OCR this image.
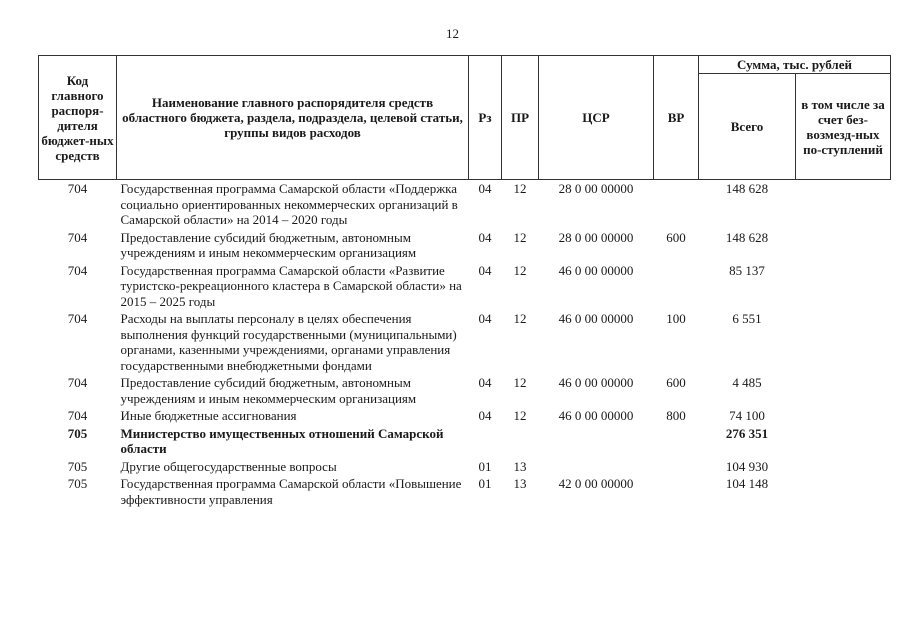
12
Код главного распоря-дителя бюджет-ных средств	Наименование главного распорядителя средств областного бюджета, раздела, подраздела, целевой статьи, группы видов расходов	Рз	ПР	ЦСР	ВР	Сумма, тыс. рублей	
						Всего	в том числе за счет без-возмезд-ных по-ступлений
704	Государственная программа Самарской области «Поддержка социально ориентированных некоммерческих организаций в Самарской области» на 2014 – 2020 годы	04	12	28 0 00 00000		148 628	
704	Предоставление субсидий бюджетным, автономным учреждениям и иным некоммерческим организациям	04	12	28 0 00 00000	600	148 628	
704	Государственная программа Самарской области «Развитие туристско-рекреационного кластера в Самарской области» на 2015 – 2025 годы	04	12	46 0 00 00000		85 137	
704	Расходы на выплаты персоналу в целях обеспечения выполнения функций государственными (муниципальными) органами, казенными учреждениями, органами управления государственными внебюджетными фондами	04	12	46 0 00 00000	100	6 551	
704	Предоставление субсидий бюджетным, автономным учреждениям и иным некоммерческим организациям	04	12	46 0 00 00000	600	4 485	
704	Иные бюджетные ассигнования	04	12	46 0 00 00000	800	74 100	
705	Министерство имущественных отношений Самарской области					276 351	
705	Другие общегосударственные вопросы	01	13			104 930	
705	Государственная программа Самарской области «Повышение эффективности управления	01	13	42 0 00 00000		104 148	
